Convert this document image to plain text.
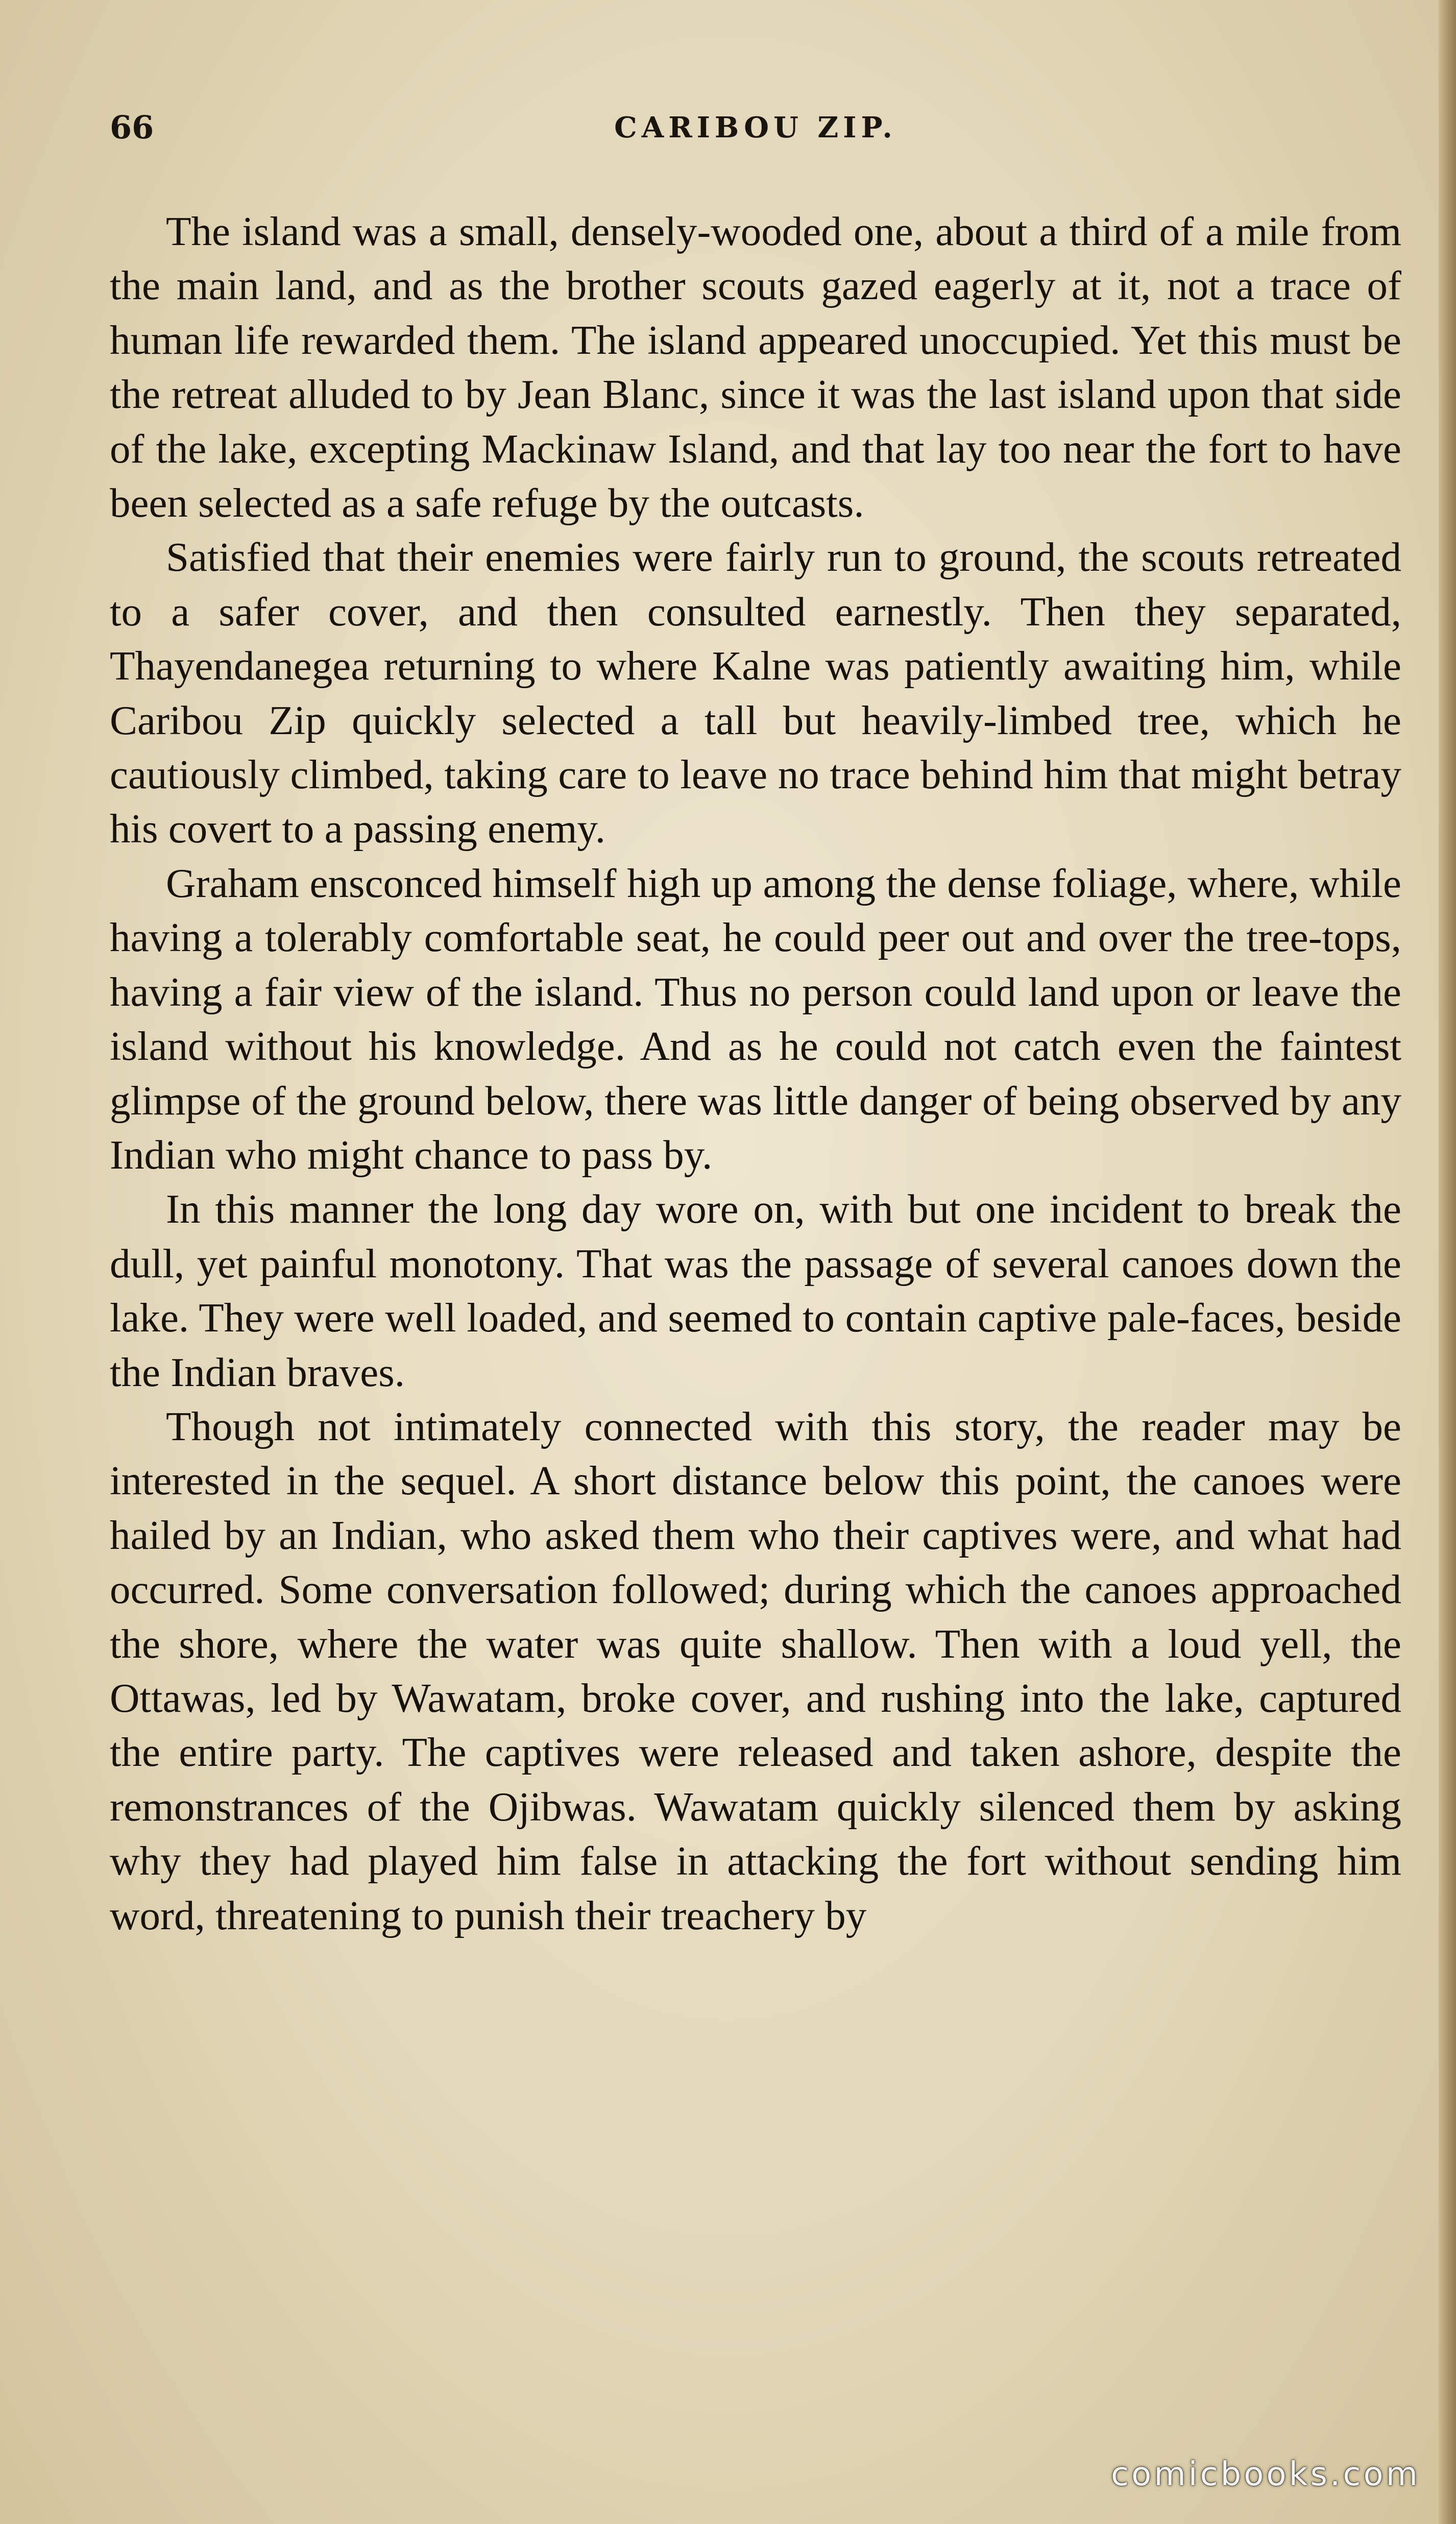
66	CARIBOU ZIP.

The island was a small, densely-wooded one, about a third of a mile from the main land, and as the brother scouts gazed eagerly at it, not a trace of human life rewarded them. The island appeared unoccupied. Yet this must be the retreat alluded to by Jean Blanc, since it was the last island upon that side of the lake, excepting Mackinaw Island, and that lay too near the fort to have been selected as a safe refuge by the outcasts.

Satisfied that their enemies were fairly run to ground, the scouts retreated to a safer cover, and then consulted earnestly. Then they separated, Thayendanegea returning to where Kalne was patiently awaiting him, while Caribou Zip quickly selected a tall but heavily-limbed tree, which he cautiously climbed, taking care to leave no trace behind him that might betray his covert to a passing enemy.

Graham ensconced himself high up among the dense foliage, where, while having a tolerably comfortable seat, he could peer out and over the tree-tops, having a fair view of the island. Thus no person could land upon or leave the island without his knowledge. And as he could not catch even the faintest glimpse of the ground below, there was little danger of being observed by any Indian who might chance to pass by.

In this manner the long day wore on, with but one incident to break the dull, yet painful monotony. That was the passage of several canoes down the lake. They were well loaded, and seemed to contain captive pale-faces, beside the Indian braves.

Though not intimately connected with this story, the reader may be interested in the sequel. A short distance below this point, the canoes were hailed by an Indian, who asked them who their captives were, and what had occurred. Some conversation followed; during which the canoes approached the shore, where the water was quite shallow. Then with a loud yell, the Ottawas, led by Wawatam, broke cover, and rushing into the lake, captured the entire party. The captives were released and taken ashore, despite the remonstrances of the Ojibwas. Wawatam quickly silenced them by asking why they had played him false in attacking the fort without sending him word, threatening to punish their treachery by

comicbooks.com
